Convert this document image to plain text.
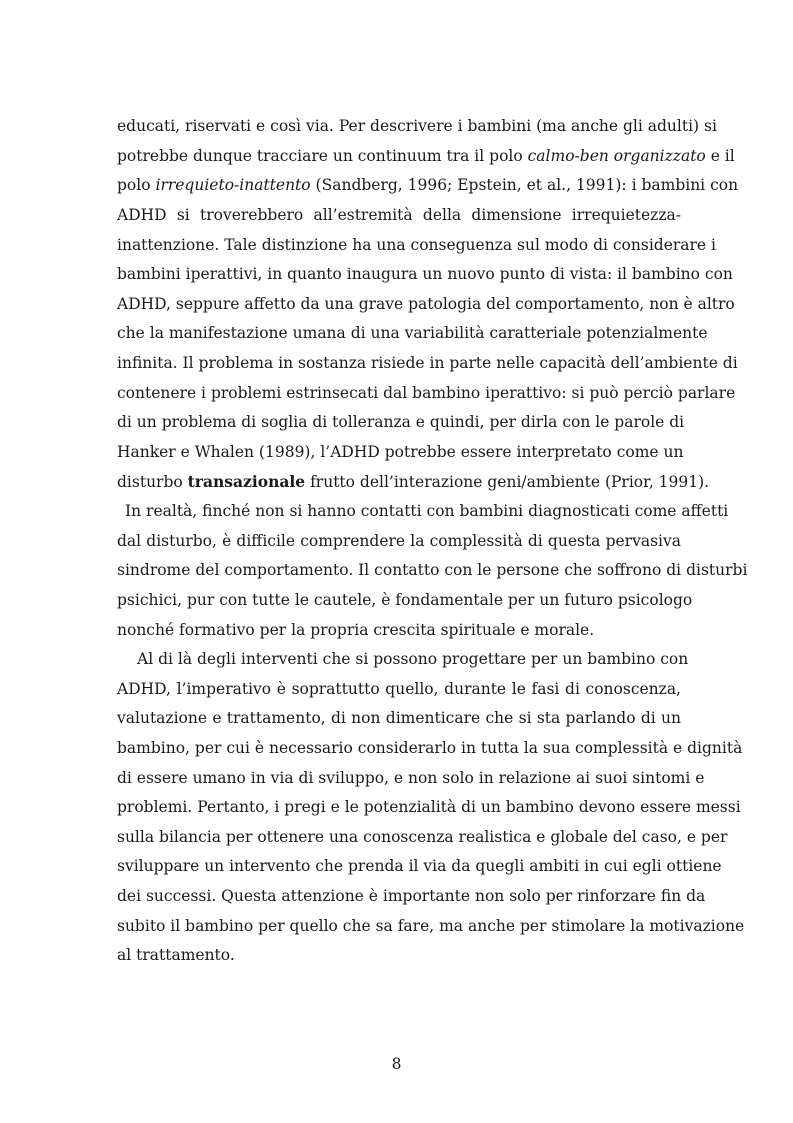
educati, riservati e così via. Per descrivere i bambini (ma anche gli adulti) si

potrebbe dunque tracciare un continuum tra il polo calmo-ben organizzato e il

polo irrequieto-inattento (Sandberg, 1996; Epstein, et al., 1991): i bambini con

ADHD si troverebbero all’estremità della dimensione irrequietezza-

inattenzione. Tale distinzione ha una conseguenza sul modo di considerare i

bambini iperattivi, in quanto inaugura un nuovo punto di vista: il bambino con

ADHD, seppure affetto da una grave patologia del comportamento, non è altro

che la manifestazione umana di una variabilità caratteriale potenzialmente

infinita. Il problema in sostanza risiede in parte nelle capacità dell’ambiente di

contenere i problemi estrinsecati dal bambino iperattivo: si può perciò parlare

di un problema di soglia di tolleranza e quindi, per dirla con le parole di

Hanker e Whalen (1989), l’ADHD potrebbe essere interpretato come un

disturbo transazionale frutto dell’interazione geni/ambiente (Prior, 1991).

In realtà, finché non si hanno contatti con bambini diagnosticati come affetti

dal disturbo, è difficile comprendere la complessità di questa pervasiva

sindrome del comportamento. Il contatto con le persone che soffrono di disturbi

psichici, pur con tutte le cautele, è fondamentale per un futuro psicologo

nonché formativo per la propria crescita spirituale e morale.

Al di là degli interventi che si possono progettare per un bambino con

ADHD, l’imperativo è soprattutto quello, durante le fasi di conoscenza,

valutazione e trattamento, di non dimenticare che si sta parlando di un

bambino, per cui è necessario considerarlo in tutta la sua complessità e dignità

di essere umano in via di sviluppo, e non solo in relazione ai suoi sintomi e

problemi. Pertanto, i pregi e le potenzialità di un bambino devono essere messi

sulla bilancia per ottenere una conoscenza realistica e globale del caso, e per

sviluppare un intervento che prenda il via da quegli ambiti in cui egli ottiene

dei successi. Questa attenzione è importante non solo per rinforzare fin da

subito il bambino per quello che sa fare, ma anche per stimolare la motivazione

al trattamento.

8
